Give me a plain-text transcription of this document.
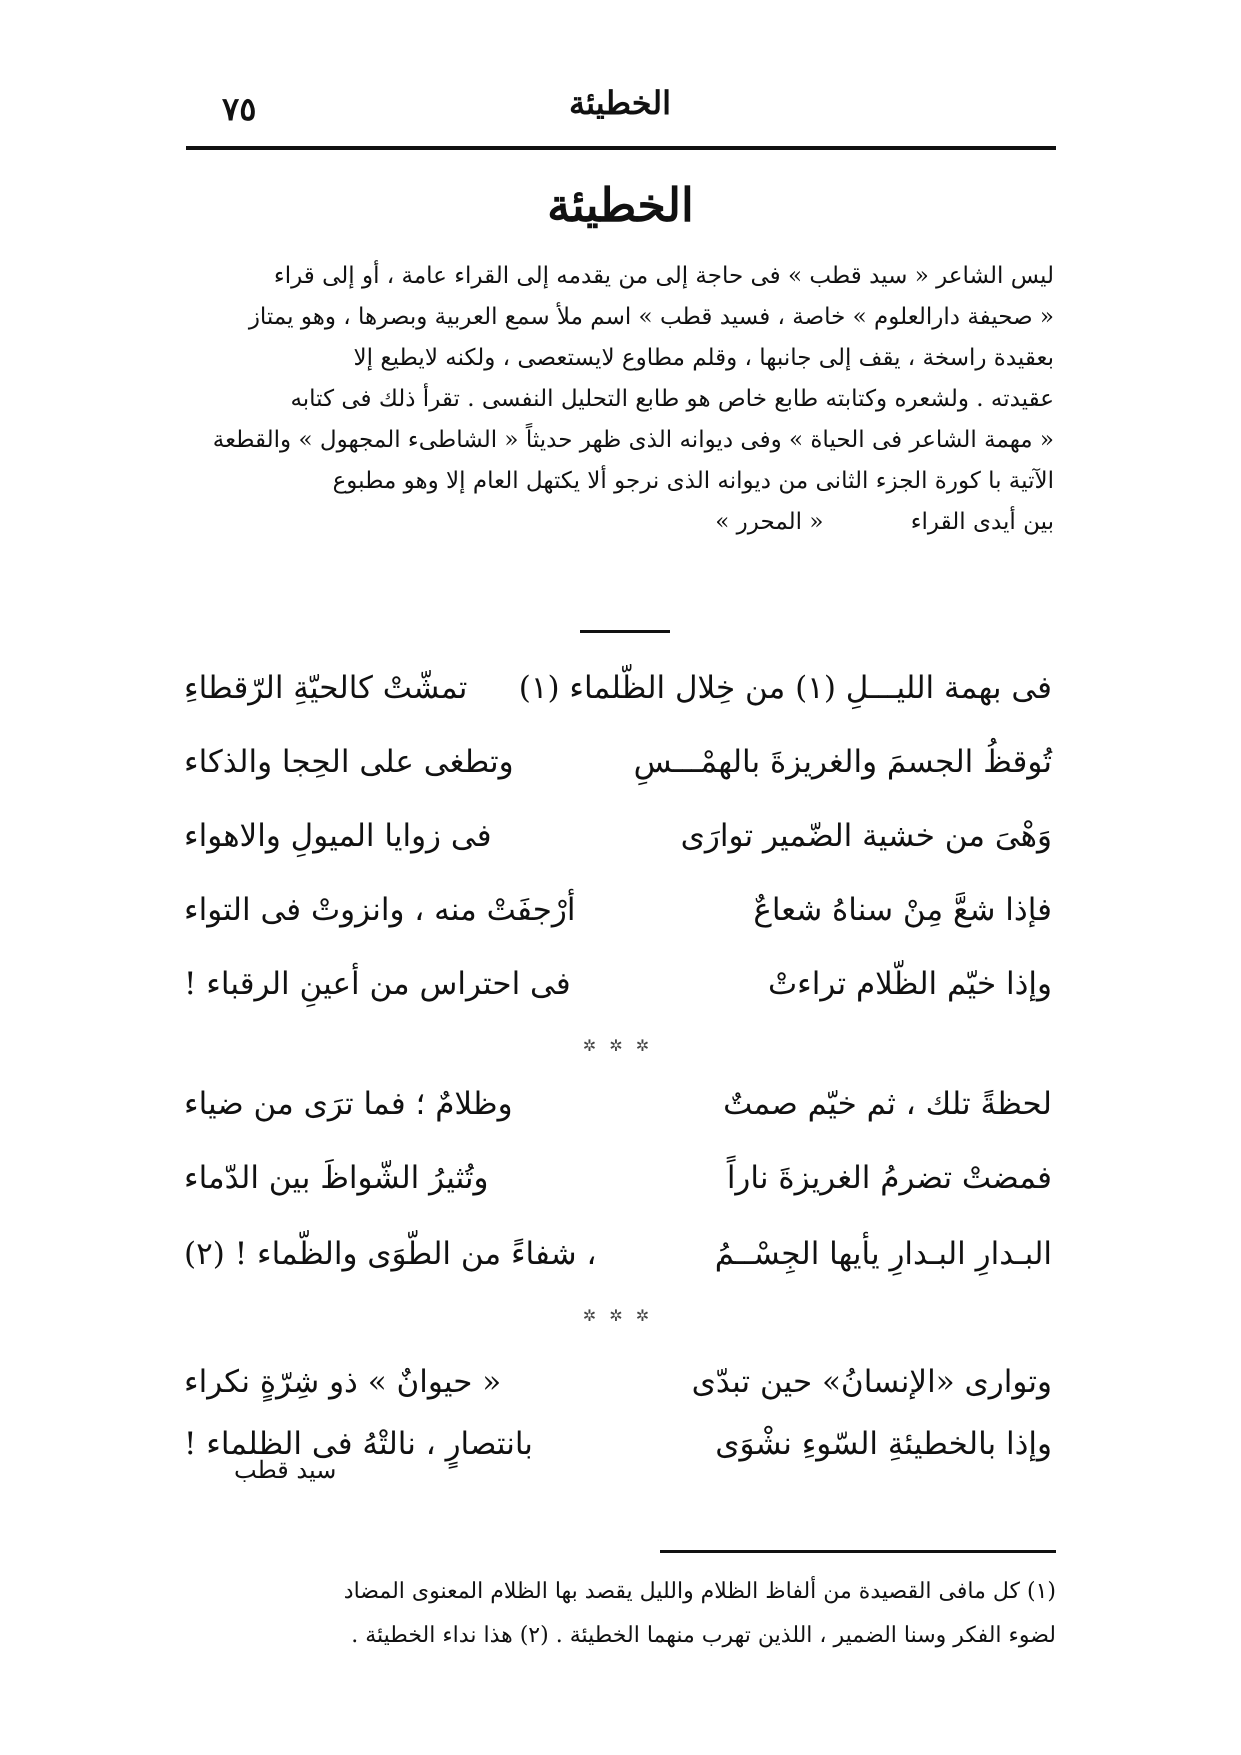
٧٥	الخطيئة
الخطيئة
ليس الشاعر « سيد قطب » فى حاجة إلى من يقدمه إلى القراء عامة ، أو إلى قراء
« صحيفة دارالعلوم » خاصة ، فسيد قطب » اسم ملأ سمع العربية وبصرها ، وهو يمتاز
بعقيدة راسخة ، يقف إلى جانبها ، وقلم مطاوع لايستعصى ، ولكنه لايطيع إلا
عقيدته . ولشعره وكتابته طابع خاص هو طابع التحليل النفسى . تقرأ ذلك فى كتابه
« مهمة الشاعر فى الحياة » وفى ديوانه الذى ظهر حديثاً « الشاطىء المجهول » والقطعة
الآتية با كورة الجزء الثانى من ديوانه الذى نرجو ألا يكتهل العام إلا وهو مطبوع
بين أيدى القراء « المحرر »
فى بهمة الليـــلِ (١) من خِلال الظّلماء (١)
تمشّتْ كالحيّةِ الرّقطاءِ
تُوقظُ الجسمَ والغريزةَ بالهمْـــسِ
وتطغى على الحِجا والذكاء
وَهْىَ من خشية الضّمير توارَى
فى زوايا الميولِ والاهواء
فإذا شعَّ مِنْ سناهُ شعاعٌ
أرْجفَتْ منه ، وانزوتْ فى التواء
وإذا خيّم الظّلام تراءتْ
فى احتراس من أعينِ الرقباء !
✲ ✲ ✲
لحظةً تلك ، ثم خيّم صمتٌ
وظلامٌ ؛ فما ترَى من ضياء
فمضتْ تضرمُ الغريزةَ ناراً
وتُثيرُ الشّواظَ بين الدّماء
البـدارِ البـدارِ يأيها الجِسْــمُ
، شفاءً من الطّوَى والظّماء ! (٢)
✲ ✲ ✲
وتوارى «الإنسانُ» حين تبدّى
« حيوانٌ » ذو شِرّةٍ نكراء
وإذا بالخطيئةِ السّوءِ نشْوَى
بانتصارٍ ، نالتْهُ فى الظلماء !
سيد قطب
(١) كل مافى القصيدة من ألفاظ الظلام والليل يقصد بها الظلام المعنوى المضاد
لضوء الفكر وسنا الضمير ، اللذين تهرب منهما الخطيئة . (٢) هذا نداء الخطيئة .
